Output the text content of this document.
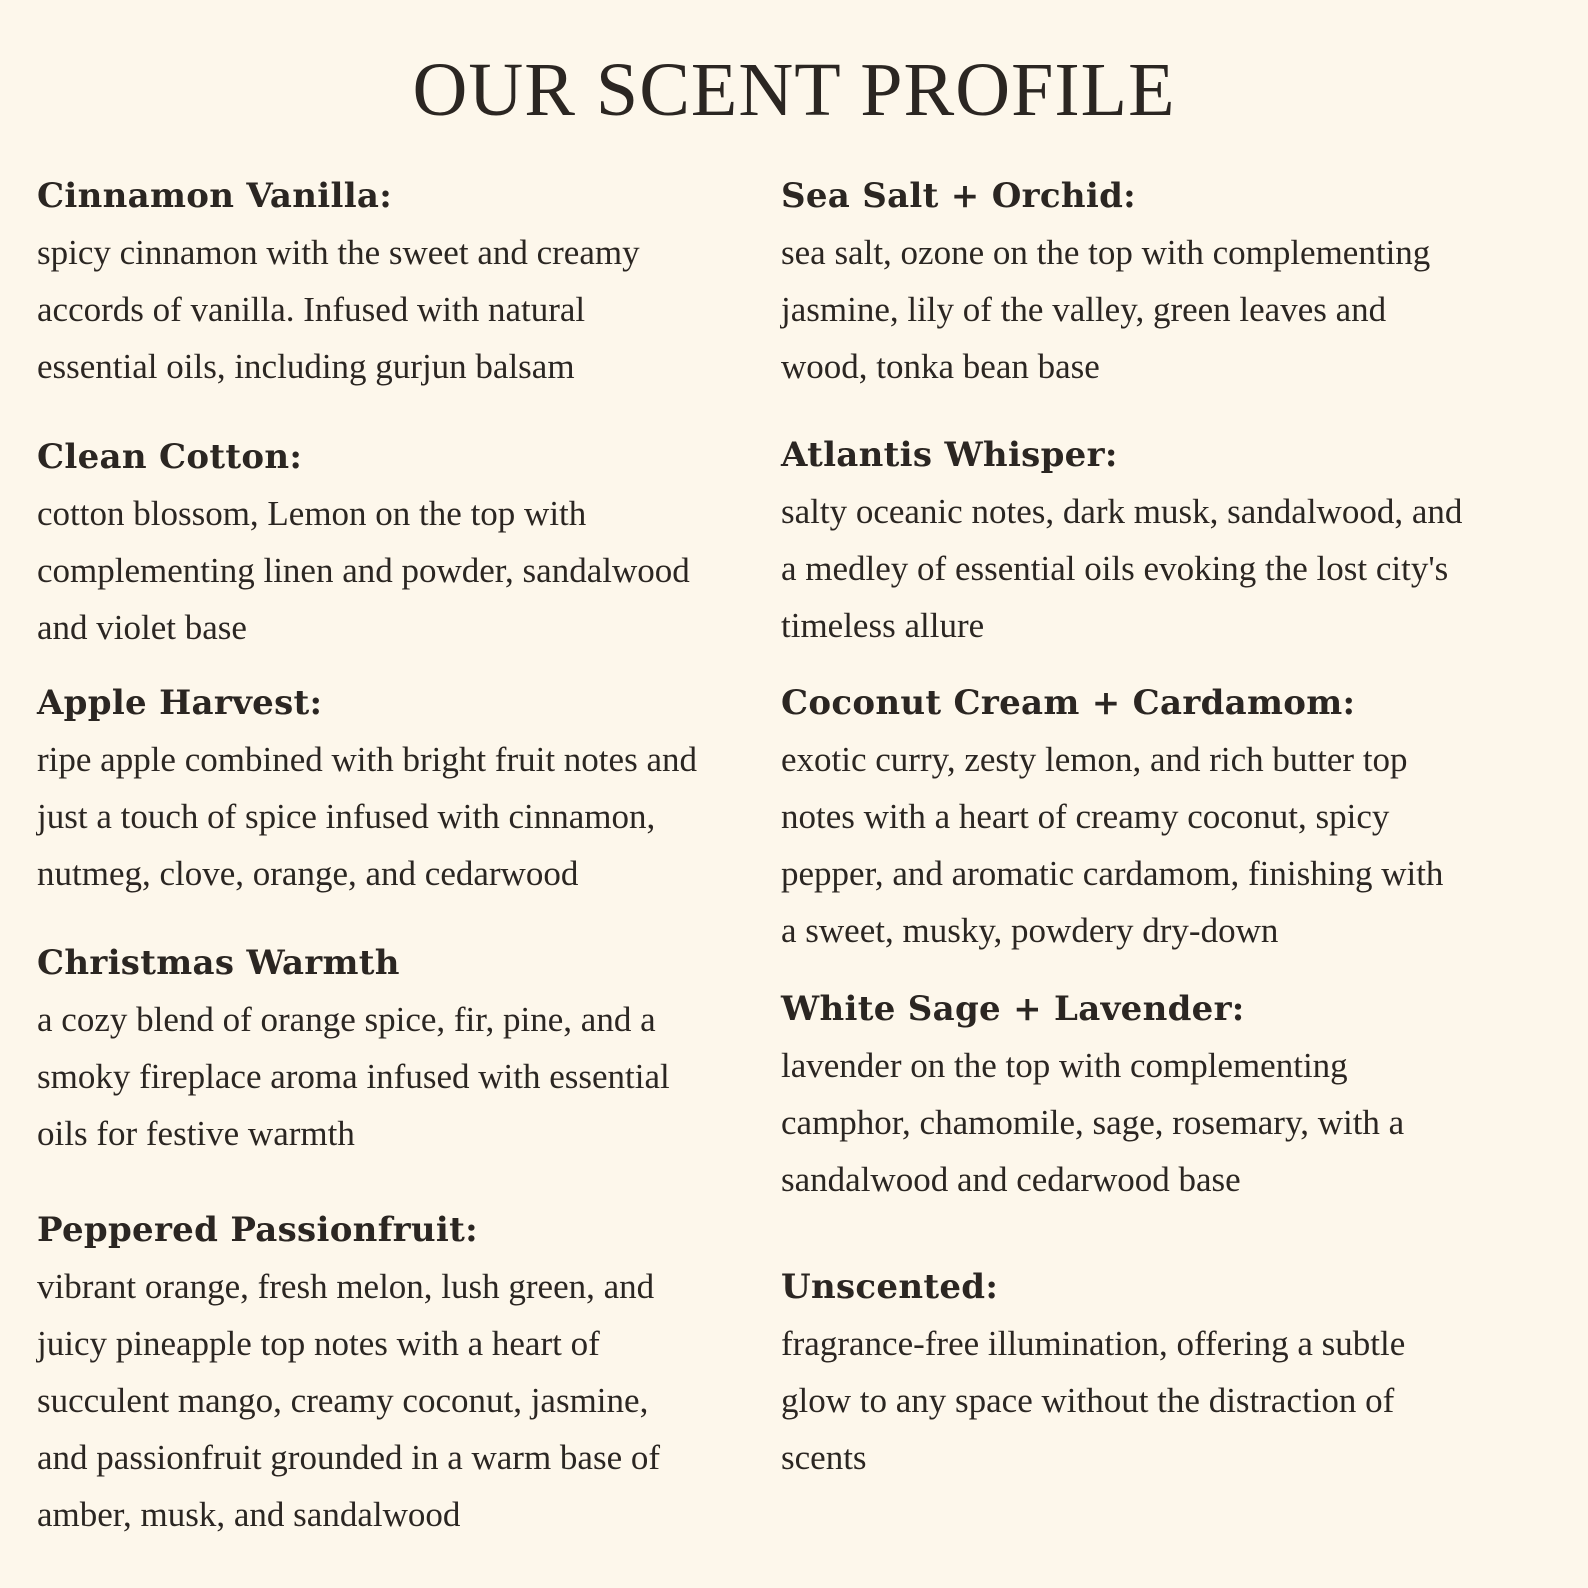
OUR SCENT PROFILE
Cinnamon Vanilla:
spicy cinnamon with the sweet and creamy
accords of vanilla. Infused with natural
essential oils, including gurjun balsam
Clean Cotton:
cotton blossom, Lemon on the top with
complementing linen and powder, sandalwood
and violet base
Apple Harvest:
ripe apple combined with bright fruit notes and
just a touch of spice infused with cinnamon,
nutmeg, clove, orange, and cedarwood
Christmas Warmth
a cozy blend of orange spice, fir, pine, and a
smoky fireplace aroma infused with essential
oils for festive warmth
Peppered Passionfruit:
vibrant orange, fresh melon, lush green, and
juicy pineapple top notes with a heart of
succulent mango, creamy coconut, jasmine,
and passionfruit grounded in a warm base of
amber, musk, and sandalwood
Sea Salt + Orchid:
sea salt, ozone on the top with complementing
jasmine, lily of the valley, green leaves and
wood, tonka bean base
Atlantis Whisper:
salty oceanic notes, dark musk, sandalwood, and
a medley of essential oils evoking the lost city's
timeless allure
Coconut Cream + Cardamom:
exotic curry, zesty lemon, and rich butter top
notes with a heart of creamy coconut, spicy
pepper, and aromatic cardamom, finishing with
a sweet, musky, powdery dry-down
White Sage + Lavender:
lavender on the top with complementing
camphor, chamomile, sage, rosemary, with a
sandalwood and cedarwood base
Unscented:
fragrance-free illumination, offering a subtle
glow to any space without the distraction of
scents
